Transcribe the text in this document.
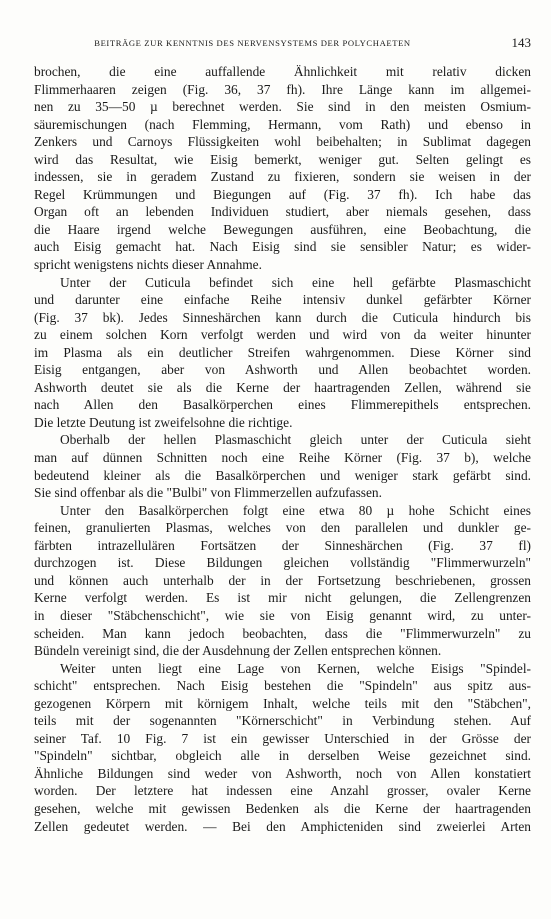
BEITRÄGE ZUR KENNTNIS DES NERVENSYSTEMS DER POLYCHAETEN	143
brochen, die eine auffallende Ähnlichkeit mit relativ dicken
Flimmerhaaren zeigen (Fig. 36, 37 fh). Ihre Länge kann im allgemei-
nen zu 35—50 µ berechnet werden. Sie sind in den meisten Osmium-
säuremischungen (nach Flemming, Hermann, vom Rath) und ebenso in
Zenkers und Carnoys Flüssigkeiten wohl beibehalten; in Sublimat dagegen
wird das Resultat, wie Eisig bemerkt, weniger gut. Selten gelingt es
indessen, sie in geradem Zustand zu fixieren, sondern sie weisen in der
Regel Krümmungen und Biegungen auf (Fig. 37 fh). Ich habe das
Organ oft an lebenden Individuen studiert, aber niemals gesehen, dass
die Haare irgend welche Bewegungen ausführen, eine Beobachtung, die
auch Eisig gemacht hat. Nach Eisig sind sie sensibler Natur; es wider-
spricht wenigstens nichts dieser Annahme.
Unter der Cuticula befindet sich eine hell gefärbte Plasmaschicht
und darunter eine einfache Reihe intensiv dunkel gefärbter Körner
(Fig. 37 bk). Jedes Sinneshärchen kann durch die Cuticula hindurch bis
zu einem solchen Korn verfolgt werden und wird von da weiter hinunter
im Plasma als ein deutlicher Streifen wahrgenommen. Diese Körner sind
Eisig entgangen, aber von Ashworth und Allen beobachtet worden.
Ashworth deutet sie als die Kerne der haartragenden Zellen, während sie
nach Allen den Basalkörperchen eines Flimmerepithels entsprechen.
Die letzte Deutung ist zweifelsohne die richtige.
Oberhalb der hellen Plasmaschicht gleich unter der Cuticula sieht
man auf dünnen Schnitten noch eine Reihe Körner (Fig. 37 b), welche
bedeutend kleiner als die Basalkörperchen und weniger stark gefärbt sind.
Sie sind offenbar als die "Bulbi" von Flimmerzellen aufzufassen.
Unter den Basalkörperchen folgt eine etwa 80 µ hohe Schicht eines
feinen, granulierten Plasmas, welches von den parallelen und dunkler ge-
färbten intrazellulären Fortsätzen der Sinneshärchen (Fig. 37 fl)
durchzogen ist. Diese Bildungen gleichen vollständig "Flimmerwurzeln"
und können auch unterhalb der in der Fortsetzung beschriebenen, grossen
Kerne verfolgt werden. Es ist mir nicht gelungen, die Zellengrenzen
in dieser "Stäbchenschicht", wie sie von Eisig genannt wird, zu unter-
scheiden. Man kann jedoch beobachten, dass die "Flimmerwurzeln" zu
Bündeln vereinigt sind, die der Ausdehnung der Zellen entsprechen können.
Weiter unten liegt eine Lage von Kernen, welche Eisigs "Spindel-
schicht" entsprechen. Nach Eisig bestehen die "Spindeln" aus spitz aus-
gezogenen Körpern mit körnigem Inhalt, welche teils mit den "Stäbchen",
teils mit der sogenannten "Körnerschicht" in Verbindung stehen. Auf
seiner Taf. 10 Fig. 7 ist ein gewisser Unterschied in der Grösse der
"Spindeln" sichtbar, obgleich alle in derselben Weise gezeichnet sind.
Ähnliche Bildungen sind weder von Ashworth, noch von Allen konstatiert
worden. Der letztere hat indessen eine Anzahl grosser, ovaler Kerne
gesehen, welche mit gewissen Bedenken als die Kerne der haartragenden
Zellen gedeutet werden. — Bei den Amphicteniden sind zweierlei Arten
